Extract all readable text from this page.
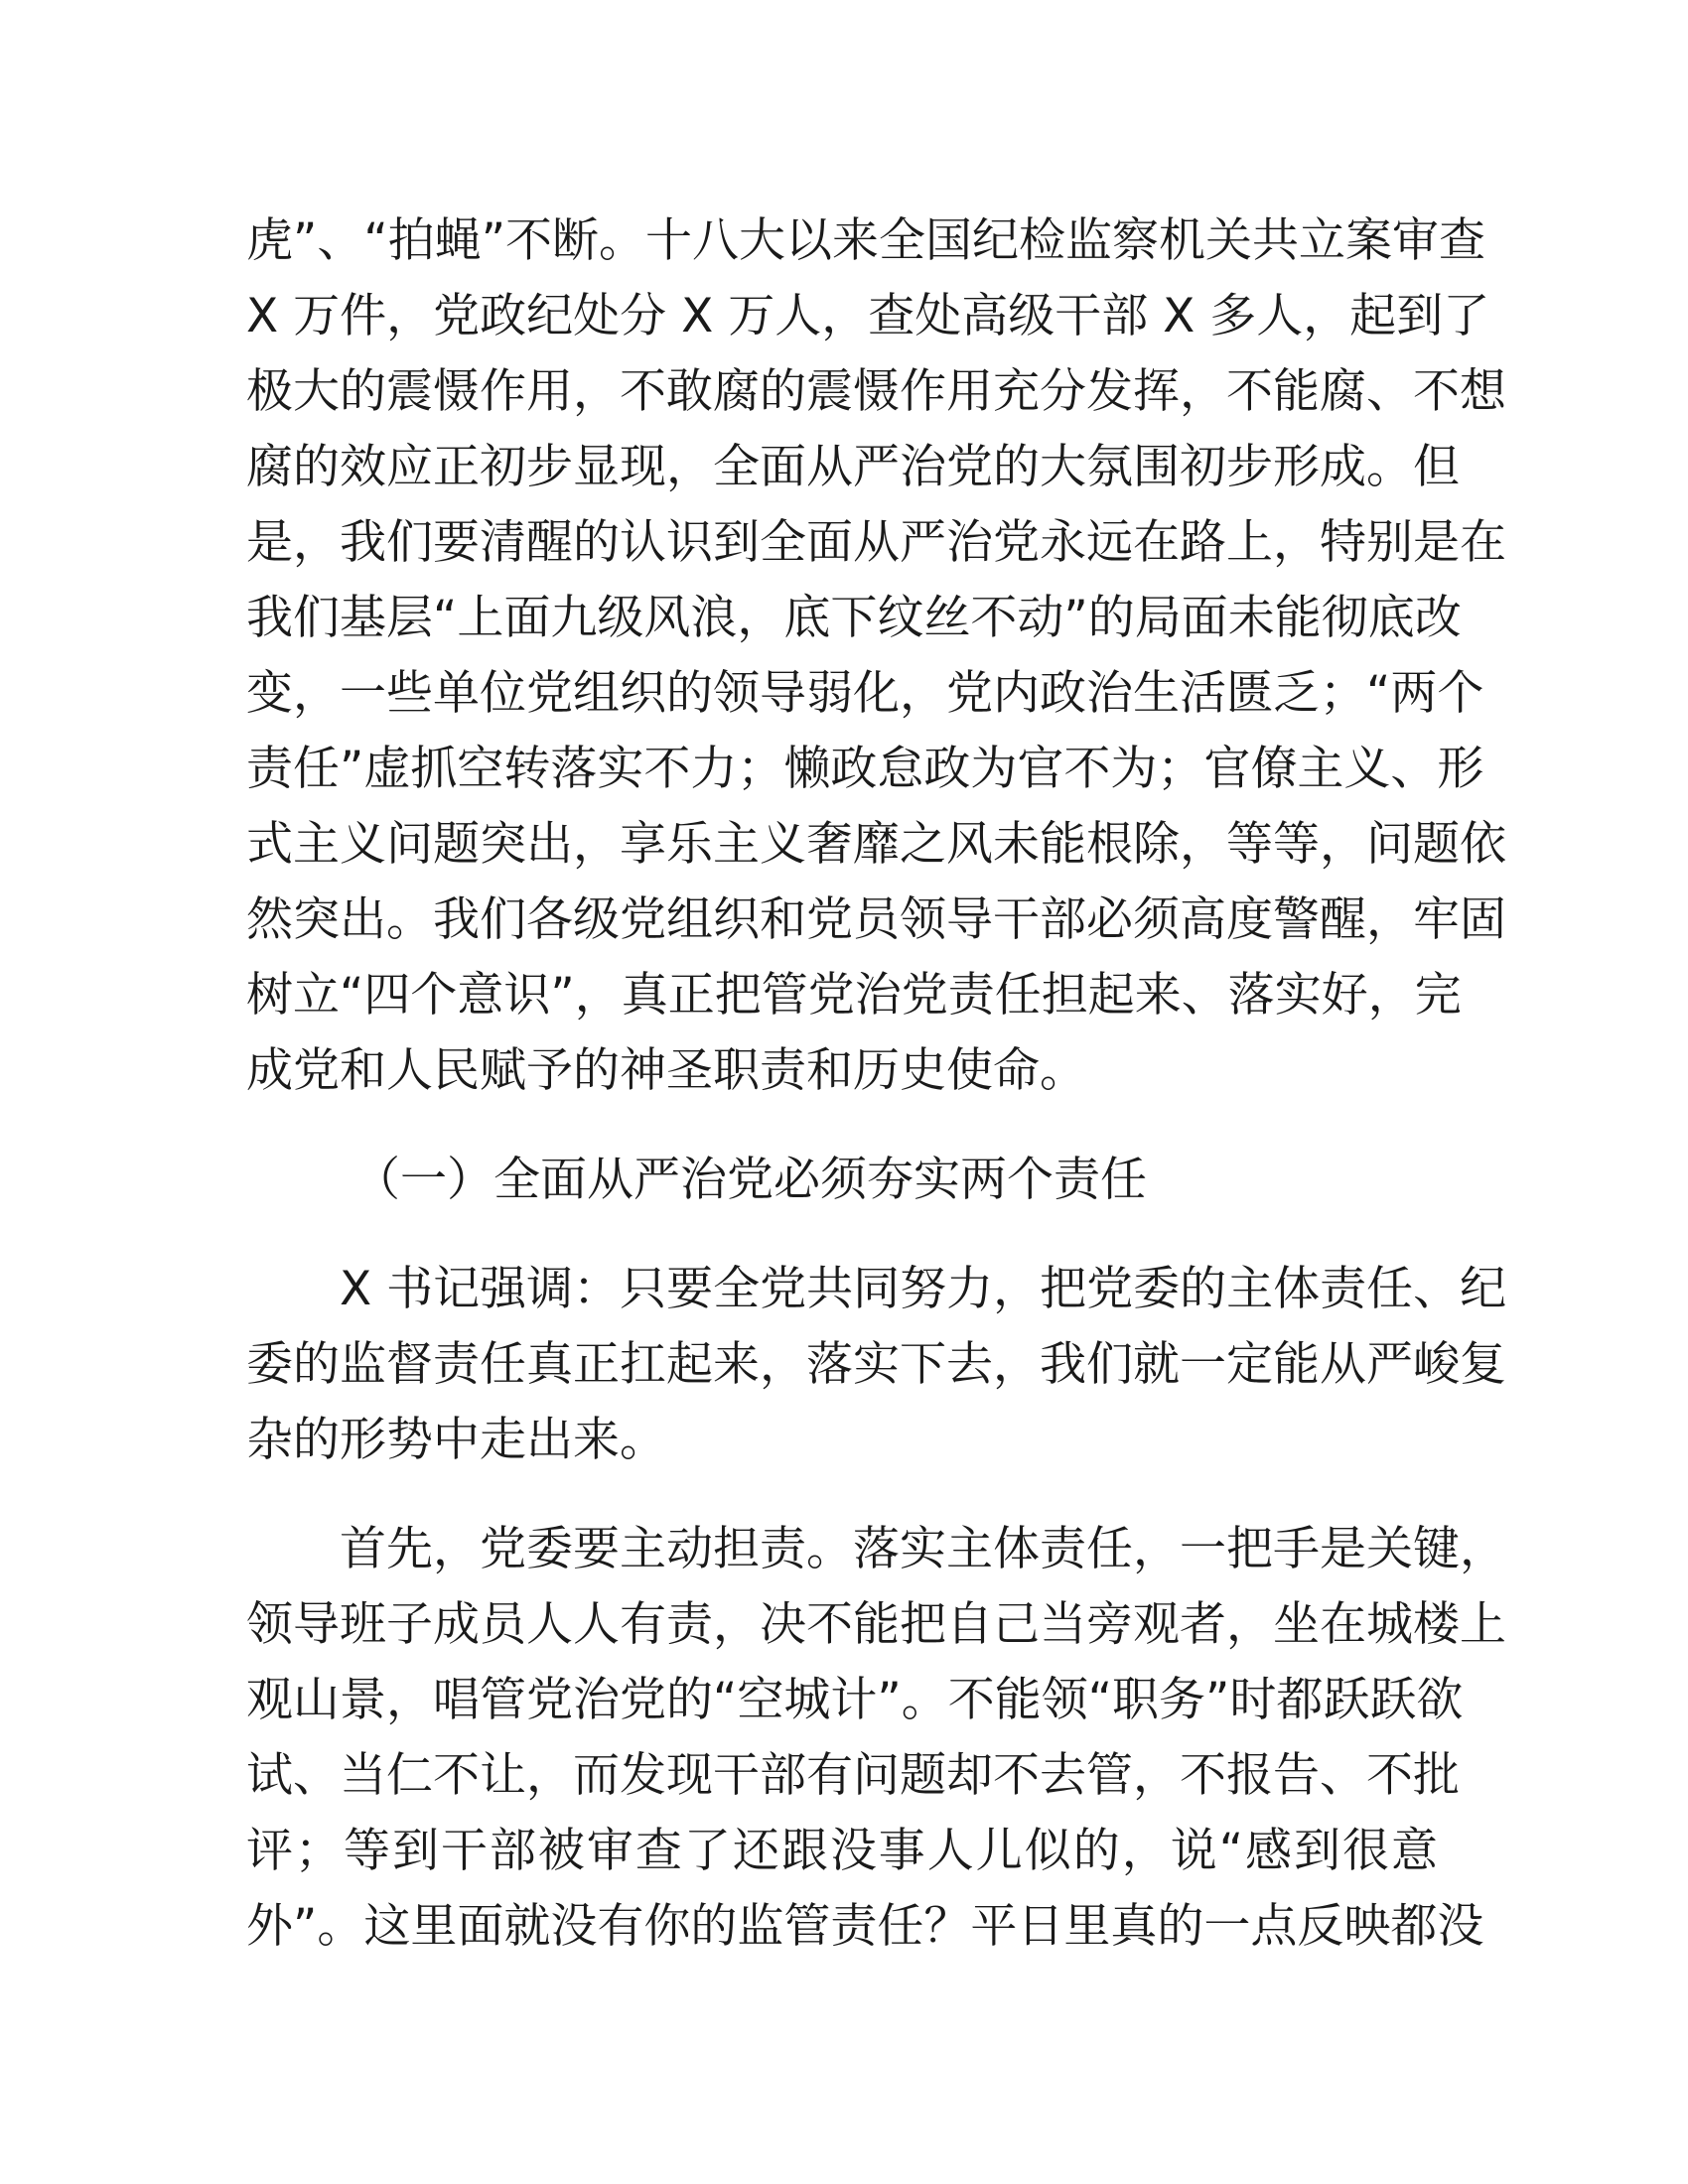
虎”、“拍蝇”不断。十八大以来全国纪检监察机关共立案审查
X 万件，党政纪处分 X 万人，查处高级干部 X 多人，起到了
极大的震慑作用，不敢腐的震慑作用充分发挥，不能腐、不想
腐的效应正初步显现，全面从严治党的大氛围初步形成。但
是，我们要清醒的认识到全面从严治党永远在路上，特别是在
我们基层“上面九级风浪，底下纹丝不动”的局面未能彻底改
变，一些单位党组织的领导弱化，党内政治生活匮乏；“两个
责任”虚抓空转落实不力；懒政怠政为官不为；官僚主义、形
式主义问题突出，享乐主义奢靡之风未能根除，等等，问题依
然突出。我们各级党组织和党员领导干部必须高度警醒，牢固
树立“四个意识”，真正把管党治党责任担起来、落实好，完
成党和人民赋予的神圣职责和历史使命。
（一）全面从严治党必须夯实两个责任
X 书记强调：只要全党共同努力，把党委的主体责任、纪
委的监督责任真正扛起来，落实下去，我们就一定能从严峻复
杂的形势中走出来。
首先，党委要主动担责。落实主体责任，一把手是关键，
领导班子成员人人有责，决不能把自己当旁观者，坐在城楼上
观山景，唱管党治党的“空城计”。不能领“职务”时都跃跃欲
试、当仁不让，而发现干部有问题却不去管，不报告、不批
评；等到干部被审查了还跟没事人儿似的，说“感到很意
外”。这里面就没有你的监管责任？平日里真的一点反映都没
